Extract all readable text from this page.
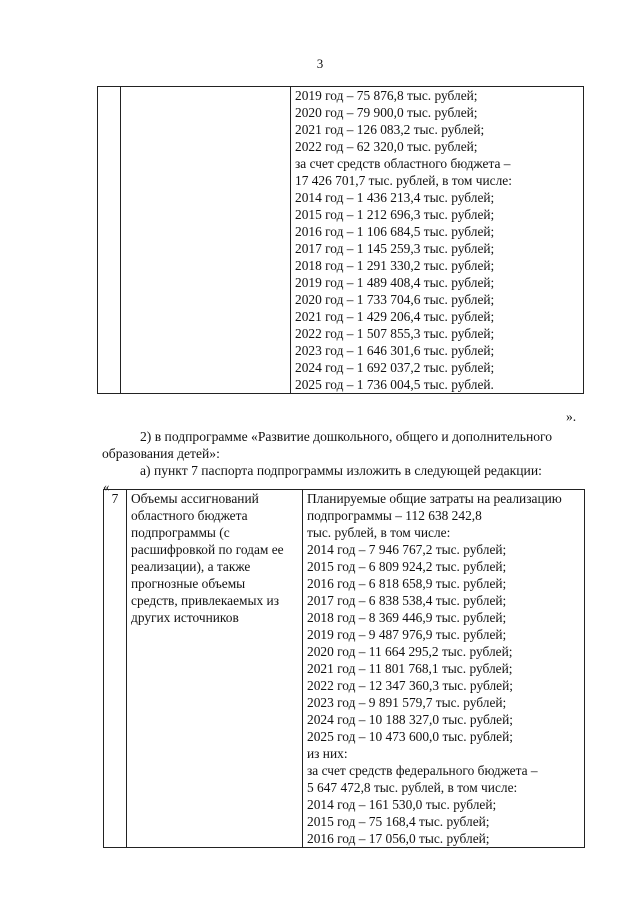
3

2019 год – 75 876,8 тыс. рублей;
2020 год – 79 900,0 тыс. рублей;
2021 год – 126 083,2 тыс. рублей;
2022 год – 62 320,0 тыс. рублей;
за счет средств областного бюджета –
17 426 701,7 тыс. рублей, в том числе:
2014 год – 1 436 213,4 тыс. рублей;
2015 год – 1 212 696,3 тыс. рублей;
2016 год – 1 106 684,5 тыс. рублей;
2017 год – 1 145 259,3 тыс. рублей;
2018 год – 1 291 330,2 тыс. рублей;
2019 год – 1 489 408,4 тыс. рублей;
2020 год – 1 733 704,6 тыс. рублей;
2021 год – 1 429 206,4 тыс. рублей;
2022 год – 1 507 855,3 тыс. рублей;
2023 год – 1 646 301,6 тыс. рублей;
2024 год – 1 692 037,2 тыс. рублей;
2025 год – 1 736 004,5 тыс. рублей.
».
2) в подпрограмме «Развитие дошкольного, общего и дополнительного
образования детей»:
а) пункт 7 паспорта подпрограммы изложить в следующей редакции:
«
7	Объемы ассигнований
областного бюджета
подпрограммы (с
расшифровкой по годам ее
реализации), а также
прогнозные объемы
средств, привлекаемых из
других источников

Планируемые общие затраты на реализацию
подпрограммы – 112 638 242,8
тыс. рублей, в том числе:
2014 год – 7 946 767,2 тыс. рублей;
2015 год – 6 809 924,2 тыс. рублей;
2016 год – 6 818 658,9 тыс. рублей;
2017 год – 6 838 538,4 тыс. рублей;
2018 год – 8 369 446,9 тыс. рублей;
2019 год – 9 487 976,9 тыс. рублей;
2020 год – 11 664 295,2 тыс. рублей;
2021 год – 11 801 768,1 тыс. рублей;
2022 год – 12 347 360,3 тыс. рублей;
2023 год – 9 891 579,7 тыс. рублей;
2024 год – 10 188 327,0 тыс. рублей;
2025 год – 10 473 600,0 тыс. рублей;
из них:
за счет средств федерального бюджета –
5 647 472,8 тыс. рублей, в том числе:
2014 год – 161 530,0 тыс. рублей;
2015 год – 75 168,4 тыс. рублей;
2016 год – 17 056,0 тыс. рублей;
